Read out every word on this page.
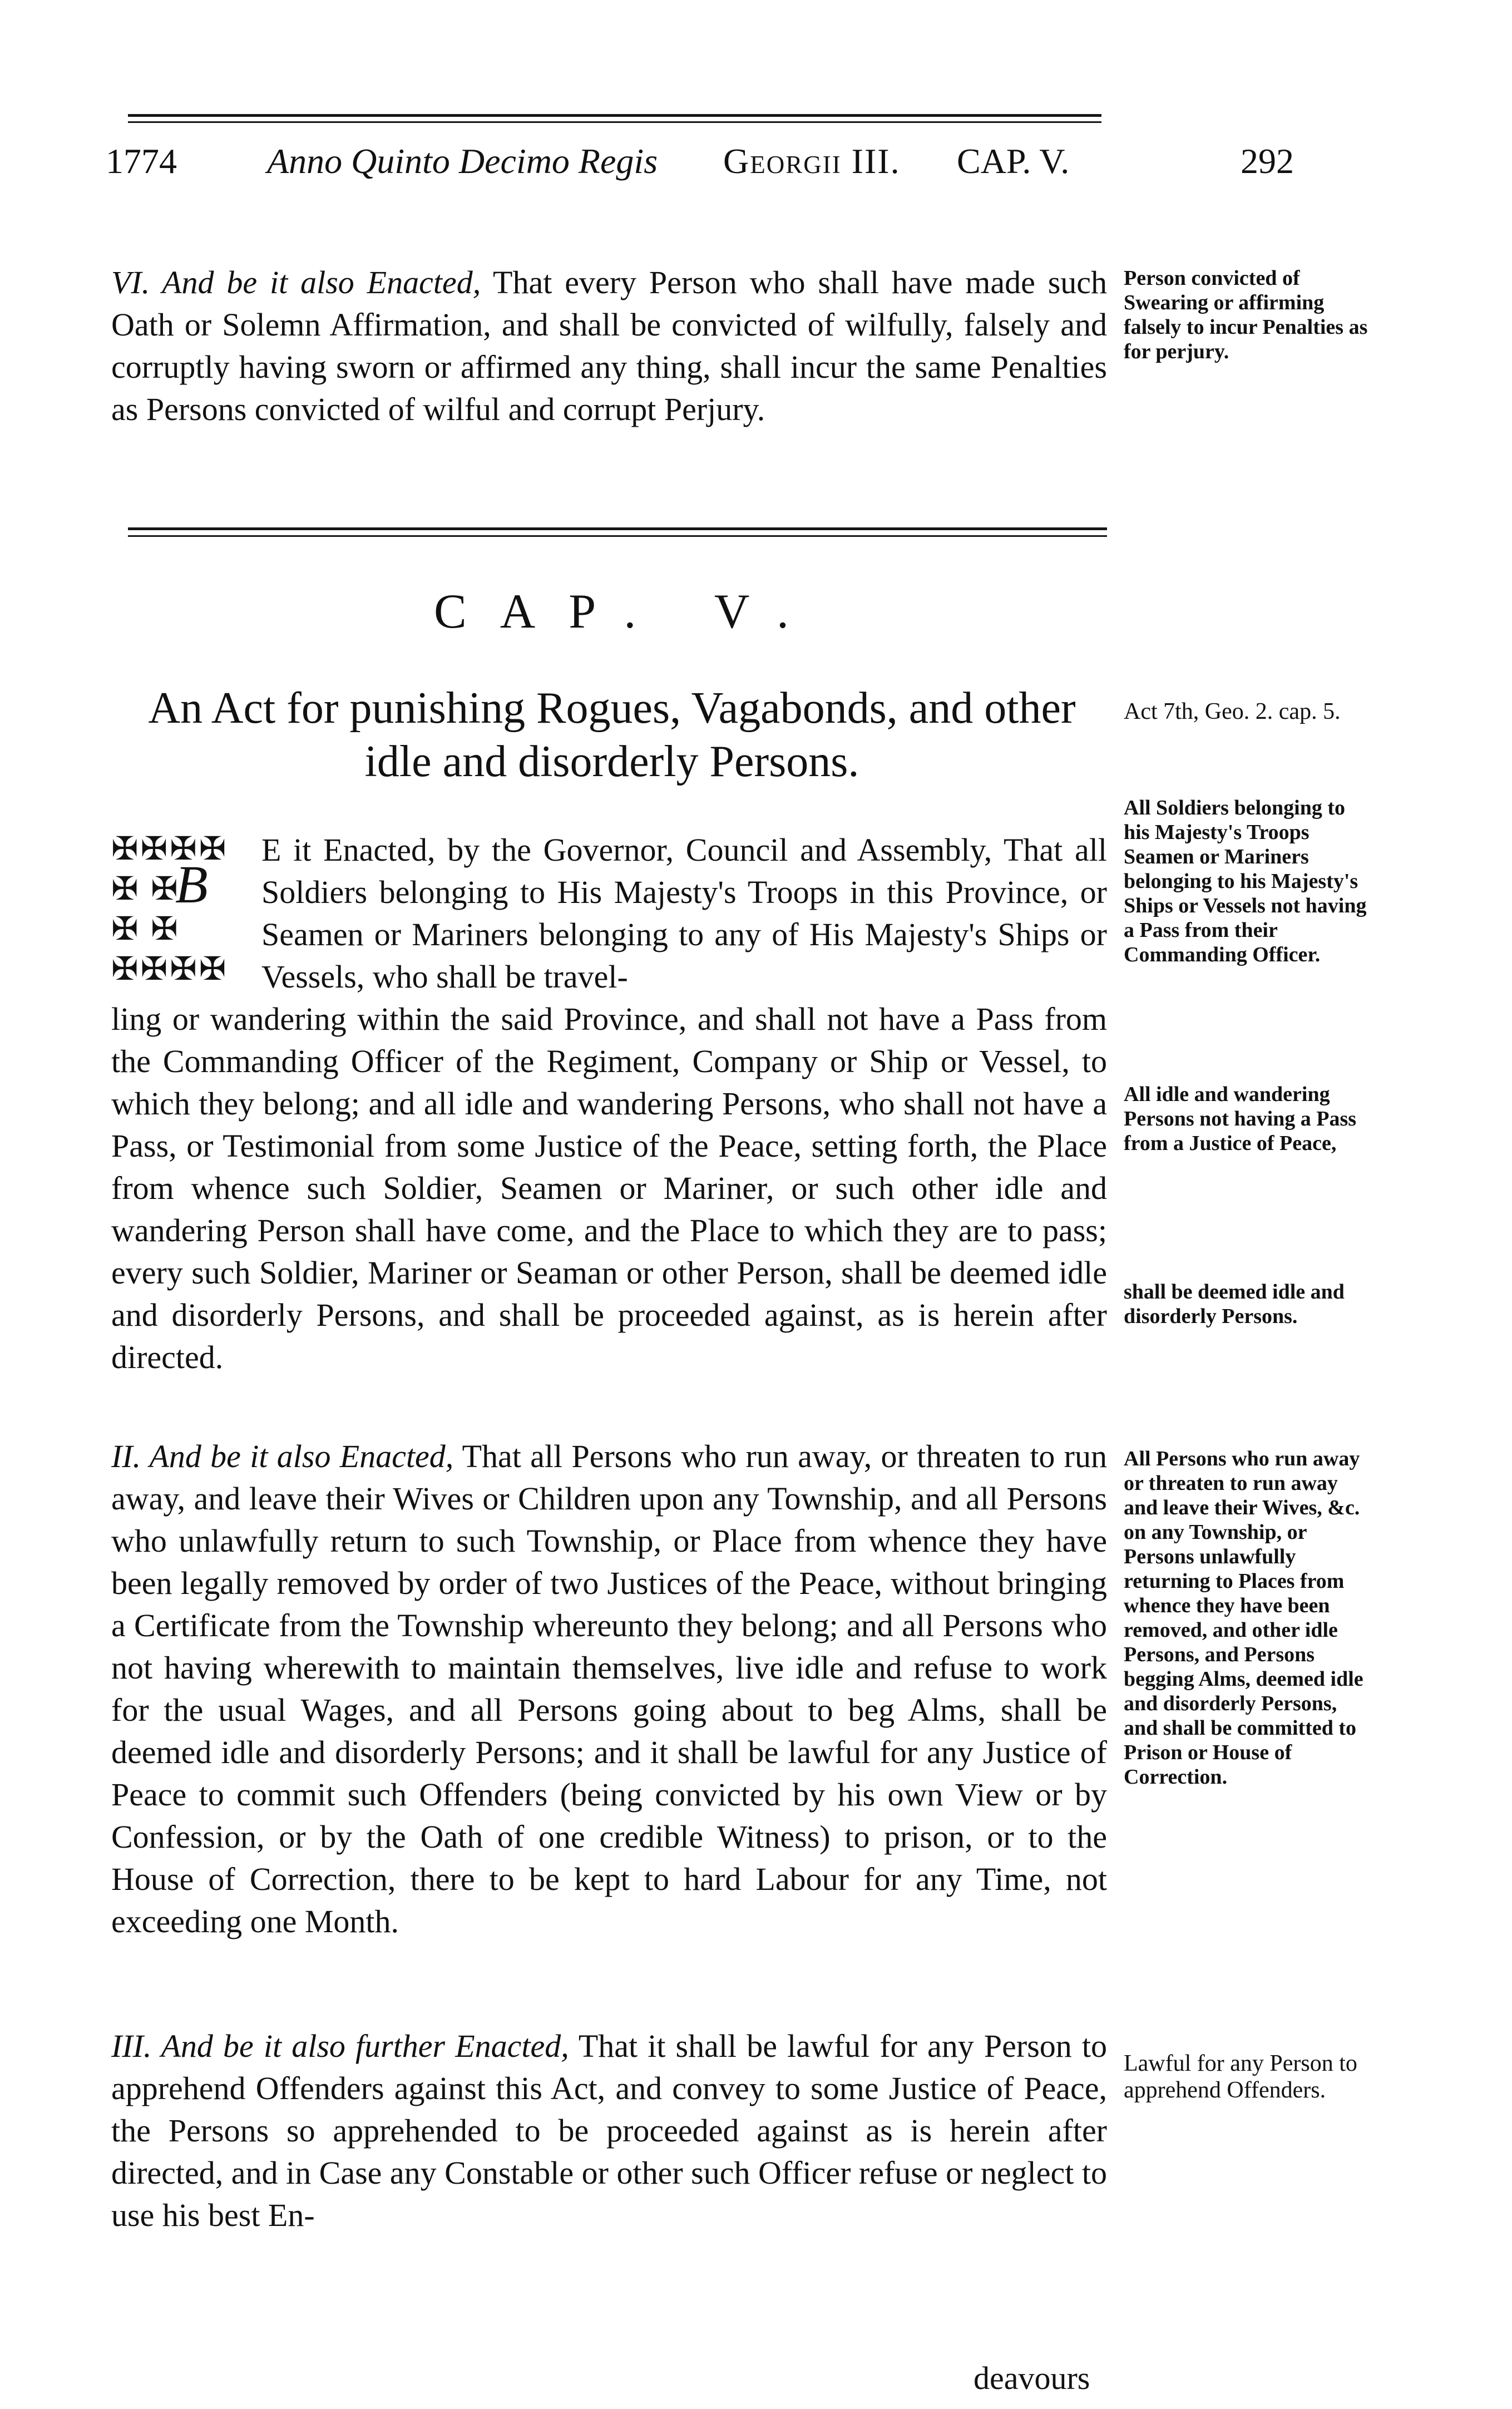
1774	Anno Quinto Decimo Regis Georgii III. CAP. V.	292
VI. And be it also Enacted, That every Person who shall have made such Oath or Solemn Affirmation, and shall be convicted of wilfully, falsely and corruptly having sworn or affirmed any thing, shall incur the same Penalties as Persons convicted of wilful and corrupt Perjury.
Person convicted of Swearing or affirming falsely to incur Penalties as for perjury.
CAP. V.
An Act for punishing Rogues, Vagabonds, and other idle and disorderly Persons.
Act 7th, Geo. 2. cap. 5.
✠✠✠✠
✠ ✠
✠ ✠
✠✠✠✠
B
E it Enacted, by the Governor, Council and Assembly, That all Soldiers belonging to His Majesty's Troops in this Province, or Seamen or Mariners belonging to any of His Majesty's Ships or Vessels, who shall be travel-
ling or wandering within the said Province, and shall not have a Pass from the Commanding Officer of the Regiment, Company or Ship or Vessel, to which they belong; and all idle and wandering Persons, who shall not have a Pass, or Testimonial from some Justice of the Peace, setting forth, the Place from whence such Soldier, Seamen or Mariner, or such other idle and wandering Person shall have come, and the Place to which they are to pass; every such Soldier, Mariner or Seaman or other Person, shall be deemed idle and disorderly Persons, and shall be proceeded against, as is herein after directed.
All Soldiers belonging to his Majesty's Troops Seamen or Mariners belonging to his Majesty's Ships or Vessels not having a Pass from their Commanding Officer.
All idle and wandering Persons not having a Pass from a Justice of Peace,
shall be deemed idle and disorderly Persons.
II. And be it also Enacted, That all Persons who run away, or threaten to run away, and leave their Wives or Children upon any Township, and all Persons who unlawfully return to such Township, or Place from whence they have been legally removed by order of two Justices of the Peace, without bringing a Certificate from the Township whereunto they belong; and all Persons who not having wherewith to maintain themselves, live idle and refuse to work for the usual Wages, and all Persons going about to beg Alms, shall be deemed idle and disorderly Persons; and it shall be lawful for any Justice of Peace to commit such Offenders (being convicted by his own View or by Confession, or by the Oath of one credible Witness) to prison, or to the House of Correction, there to be kept to hard Labour for any Time, not exceeding one Month.
All Persons who run away or threaten to run away and leave their Wives, &c. on any Township, or Persons unlawfully returning to Places from whence they have been removed, and other idle Persons, and Persons begging Alms, deemed idle and disorderly Persons, and shall be committed to Prison or House of Correction.
III. And be it also further Enacted, That it shall be lawful for any Person to apprehend Offenders against this Act, and convey to some Justice of Peace, the Persons so apprehended to be proceeded against as is herein after directed, and in Case any Constable or other such Officer refuse or neglect to use his best En-
Lawful for any Person to apprehend Offenders.
deavours
